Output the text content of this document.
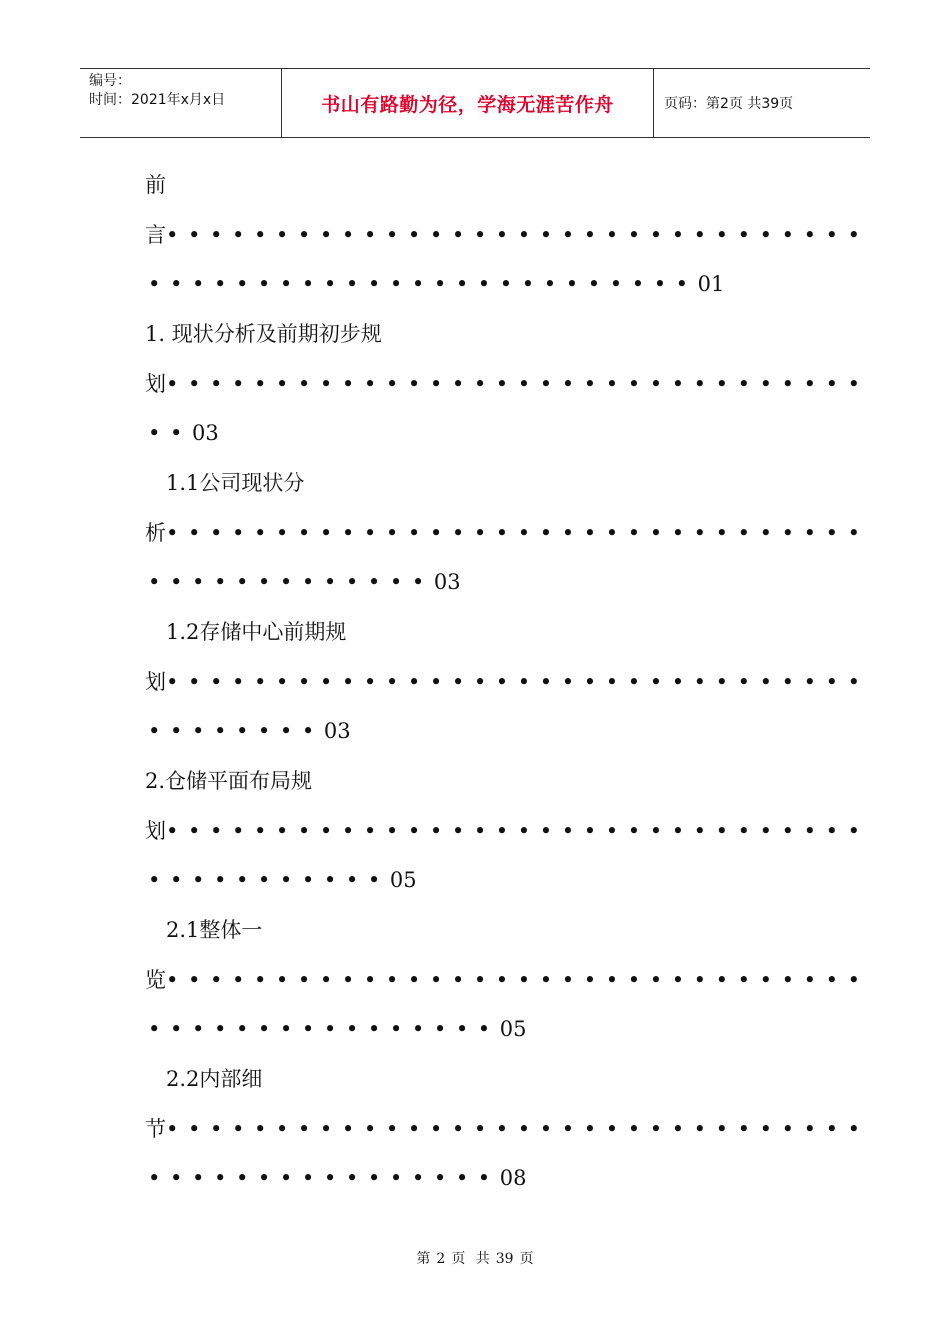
编号：
时间：2021年x月x日	书山有路勤为径，学海无涯苦作舟	页码：第2页 共39页
前
言••••••••••••••••••••••••••••••••
•••••••••••••••••••••••••01
1. 现状分析及前期初步规
划••••••••••••••••••••••••••••••••
••03
1.1公司现状分
析••••••••••••••••••••••••••••••••
•••••••••••••03
1.2存储中心前期规
划••••••••••••••••••••••••••••••••
••••••••03
2.仓储平面布局规
划••••••••••••••••••••••••••••••••
•••••••••••05
2.1整体一
览••••••••••••••••••••••••••••••••
••••••••••••••••05
2.2内部细
节••••••••••••••••••••••••••••••••
••••••••••••••••08
第 2 页 共 39 页
